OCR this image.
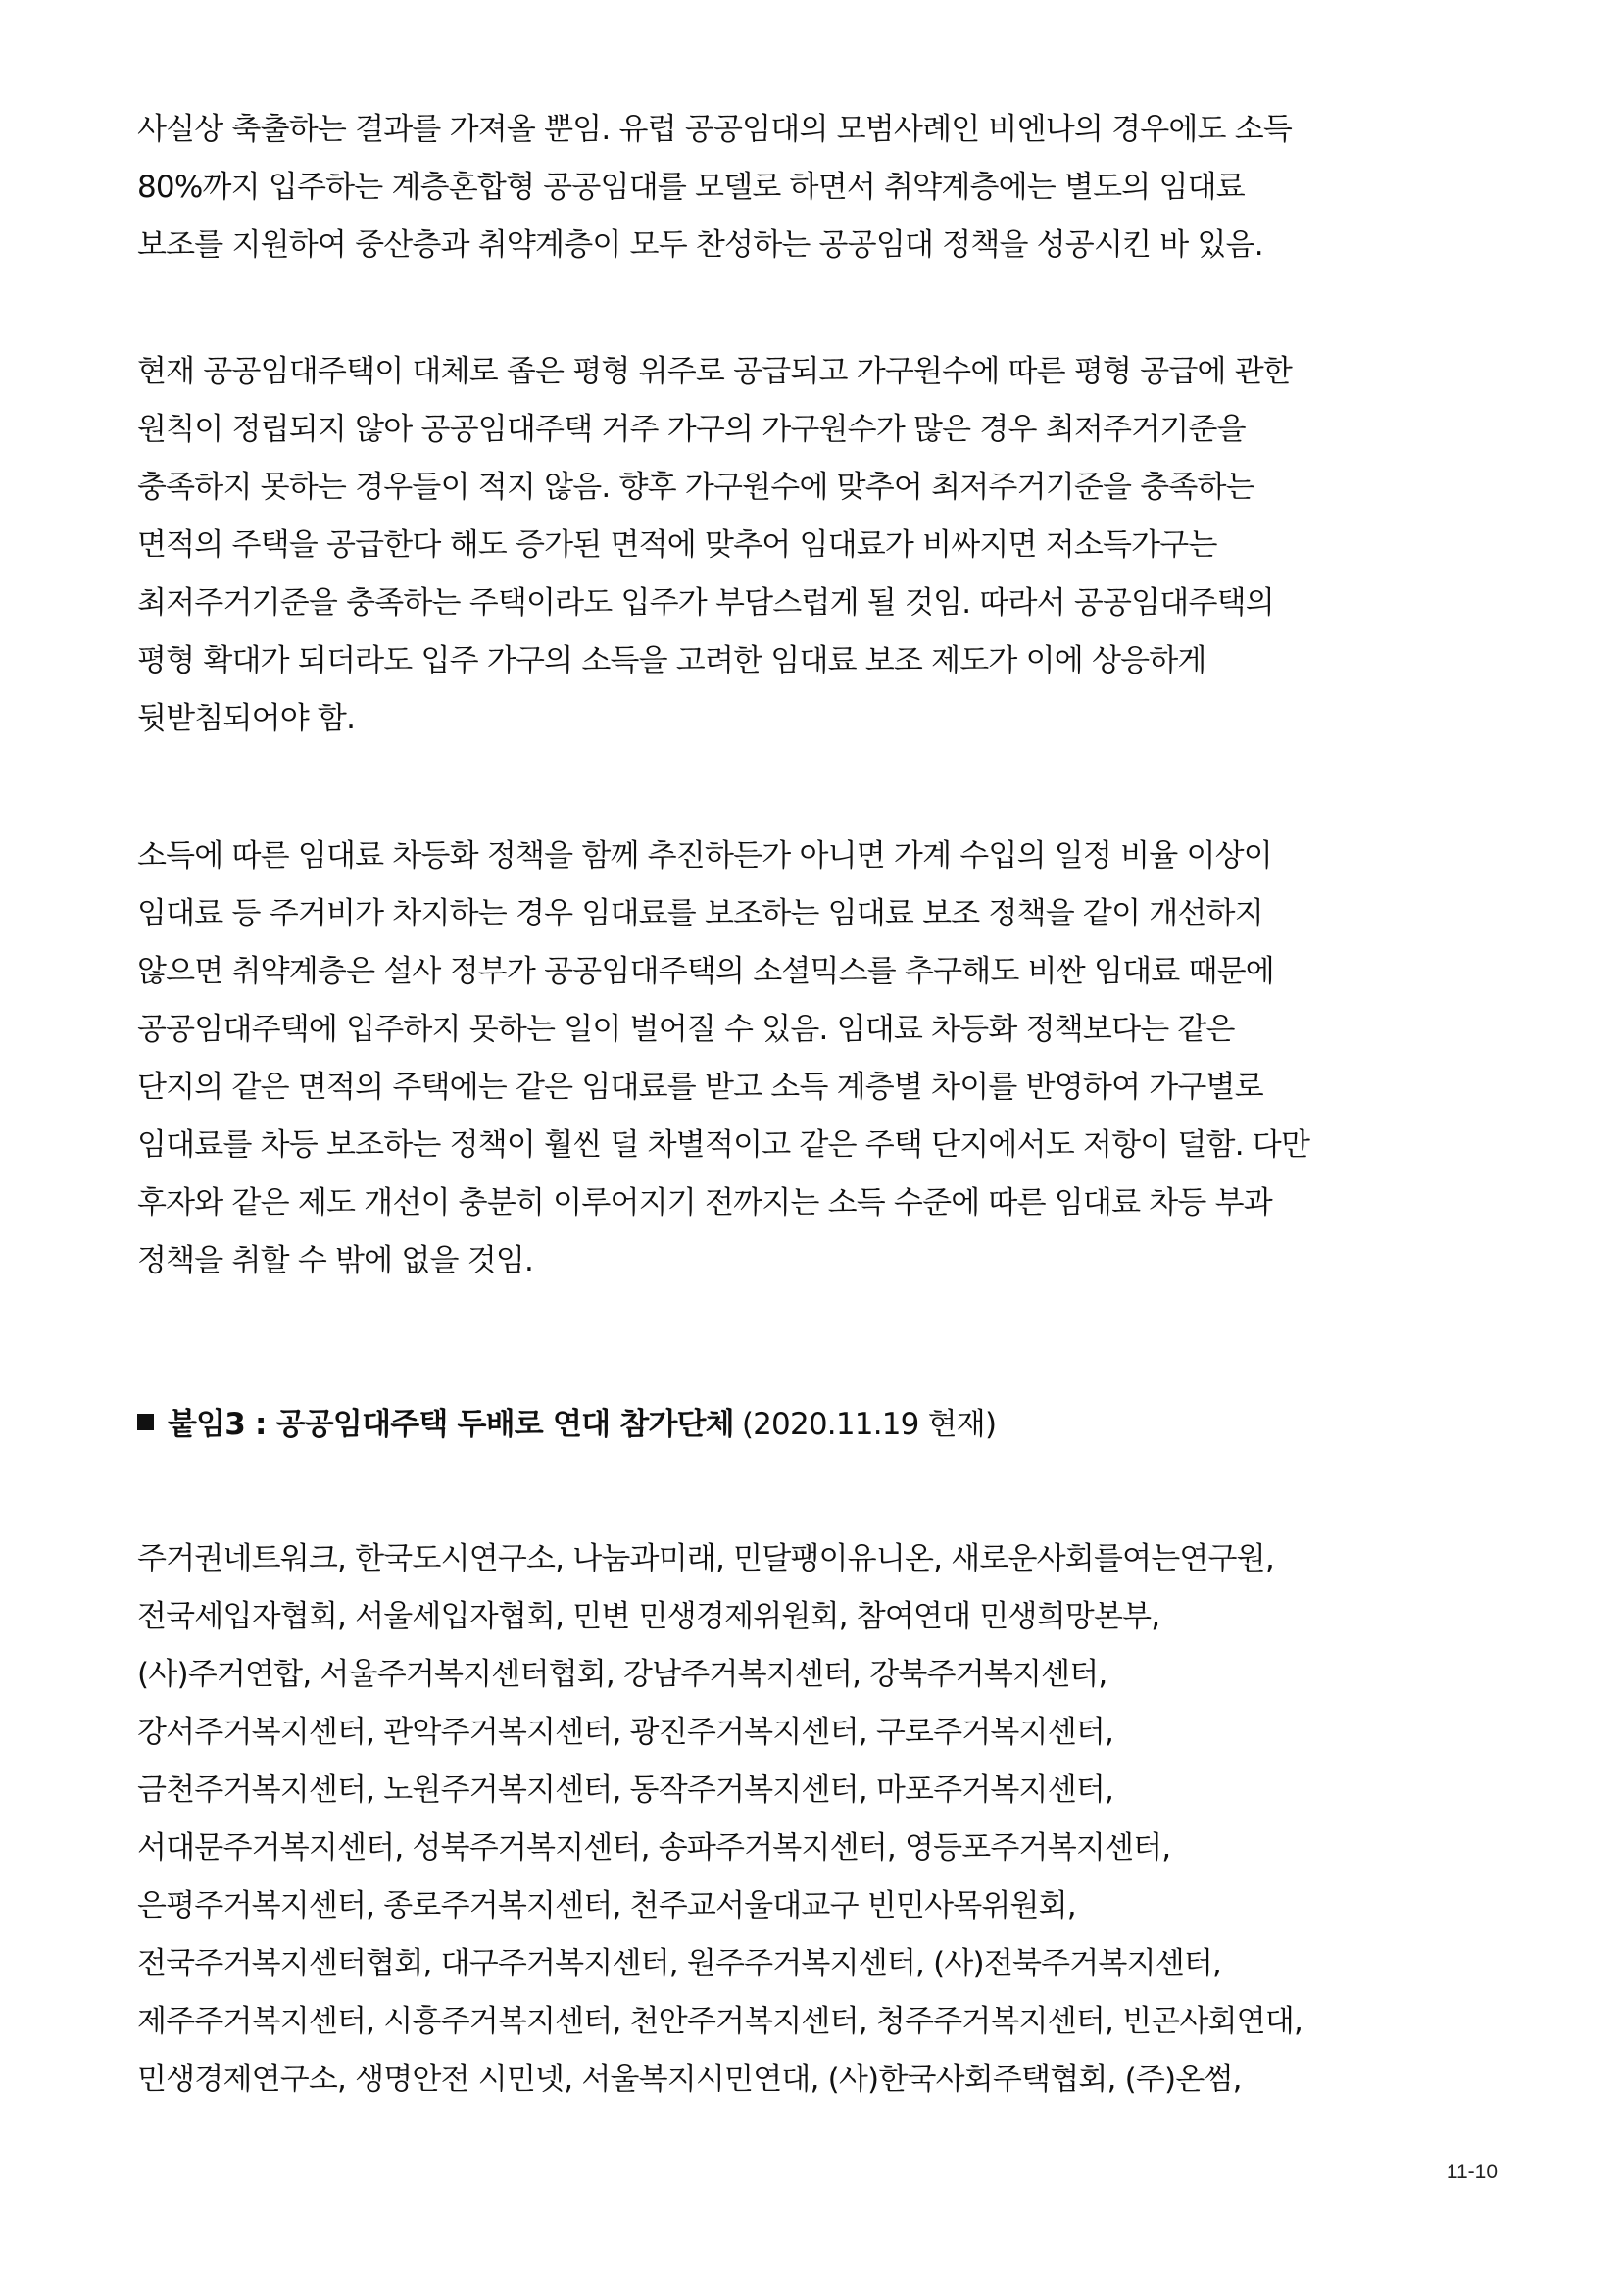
사실상 축출하는 결과를 가져올 뿐임. 유럽 공공임대의 모범사례인 비엔나의 경우에도 소득
80%까지 입주하는 계층혼합형 공공임대를 모델로 하면서 취약계층에는 별도의 임대료
보조를 지원하여 중산층과 취약계층이 모두 찬성하는 공공임대 정책을 성공시킨 바 있음.
현재 공공임대주택이 대체로 좁은 평형 위주로 공급되고 가구원수에 따른 평형 공급에 관한
원칙이 정립되지 않아 공공임대주택 거주 가구의 가구원수가 많은 경우 최저주거기준을
충족하지 못하는 경우들이 적지 않음. 향후 가구원수에 맞추어 최저주거기준을 충족하는
면적의 주택을 공급한다 해도 증가된 면적에 맞추어 임대료가 비싸지면 저소득가구는
최저주거기준을 충족하는 주택이라도 입주가 부담스럽게 될 것임. 따라서 공공임대주택의
평형 확대가 되더라도 입주 가구의 소득을 고려한 임대료 보조 제도가 이에 상응하게
뒷받침되어야 함.
소득에 따른 임대료 차등화 정책을 함께 추진하든가 아니면 가계 수입의 일정 비율 이상이
임대료 등 주거비가 차지하는 경우 임대료를 보조하는 임대료 보조 정책을 같이 개선하지
않으면 취약계층은 설사 정부가 공공임대주택의 소셜믹스를 추구해도 비싼 임대료 때문에
공공임대주택에 입주하지 못하는 일이 벌어질 수 있음. 임대료 차등화 정책보다는 같은
단지의 같은 면적의 주택에는 같은 임대료를 받고 소득 계층별 차이를 반영하여 가구별로
임대료를 차등 보조하는 정책이 훨씬 덜 차별적이고 같은 주택 단지에서도 저항이 덜함. 다만
후자와 같은 제도 개선이 충분히 이루어지기 전까지는 소득 수준에 따른 임대료 차등 부과
정책을 취할 수 밖에 없을 것임.
붙임3 : 공공임대주택 두배로 연대 참가단체 (2020.11.19 현재)
주거권네트워크, 한국도시연구소, 나눔과미래, 민달팽이유니온, 새로운사회를여는연구원,
전국세입자협회, 서울세입자협회, 민변 민생경제위원회, 참여연대 민생희망본부,
(사)주거연합, 서울주거복지센터협회, 강남주거복지센터, 강북주거복지센터,
강서주거복지센터, 관악주거복지센터, 광진주거복지센터, 구로주거복지센터,
금천주거복지센터, 노원주거복지센터, 동작주거복지센터, 마포주거복지센터,
서대문주거복지센터, 성북주거복지센터, 송파주거복지센터, 영등포주거복지센터,
은평주거복지센터, 종로주거복지센터, 천주교서울대교구 빈민사목위원회,
전국주거복지센터협회, 대구주거복지센터, 원주주거복지센터, (사)전북주거복지센터,
제주주거복지센터, 시흥주거복지센터, 천안주거복지센터, 청주주거복지센터, 빈곤사회연대,
민생경제연구소, 생명안전 시민넷, 서울복지시민연대, (사)한국사회주택협회, (주)온썸,
11-10
